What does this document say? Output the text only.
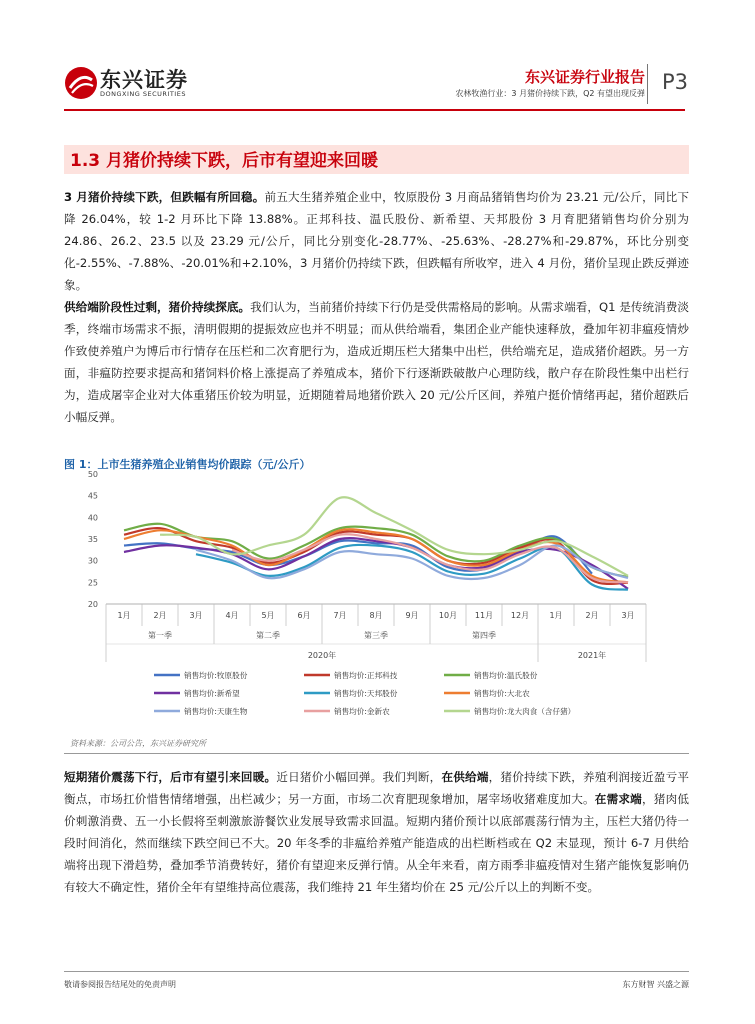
东兴证券
DONGXING SECURITIES
东兴证券行业报告
农林牧渔行业：3 月猪价持续下跌，Q2 有望出现反弹 P3
1.3 月猪价持续下跌，后市有望迎来回暖

3 月猪价持续下跌，但跌幅有所回稳。前五大生猪养殖企业中，牧原股份 3 月商品猪销售均价为 23.21 元/公斤，同比下降 26.04%，较 1-2 月环比下降 13.88%。正邦科技、温氏股份、新希望、天邦股份 3 月育肥猪销售均价分别为 24.86、26.2、23.5 以及 23.29 元/公斤，同比分别变化-28.77%、-25.63%、-28.27%和-29.87%，环比分别变化-2.55%、-7.88%、-20.01%和+2.10%，3 月猪价仍持续下跌，但跌幅有所收窄，进入 4 月份，猪价呈现止跌反弹迹象。

供给端阶段性过剩，猪价持续探底。我们认为，当前猪价持续下行仍是受供需格局的影响。从需求端看，Q1 是传统消费淡季，终端市场需求不振，清明假期的提振效应也并不明显；而从供给端看，集团企业产能快速释放，叠加年初非瘟疫情炒作致使养殖户为博后市行情存在压栏和二次育肥行为，造成近期压栏大猪集中出栏，供给端充足，造成猪价超跌。另一方面，非瘟防控要求提高和猪饲料价格上涨提高了养殖成本，猪价下行逐渐跌破散户心理防线，散户存在阶段性集中出栏行为，造成屠宰企业对大体重猪压价较为明显，近期随着局地猪价跌入 20 元/公斤区间，养殖户挺价情绪再起，猪价超跌后小幅反弹。

图 1：上市生猪养殖企业销售均价跟踪（元/公斤）
20
25
30
35
40
45
50
1月	2月	3月	4月	5月	6月	7月	8月	9月	10月 11月 12月	1月	2月	3月
第一季	第二季	第三季	第四季
2020年	2021年
销售均价:牧原股份	销售均价:正邦科技	销售均价:温氏股份
销售均价:新希望	销售均价:天邦股份	销售均价:大北农
销售均价:天康生物	销售均价:金新农	销售均价:龙大肉食（含仔猪）
资料来源：公司公告，东兴证券研究所

短期猪价震荡下行，后市有望引来回暖。近日猪价小幅回弹。我们判断，在供给端，猪价持续下跌，养殖利润接近盈亏平衡点，市场扛价惜售情绪增强，出栏减少；另一方面，市场二次育肥现象增加，屠宰场收猪难度加大。在需求端，猪肉低价刺激消费、五一小长假将至刺激旅游餐饮业发展导致需求回温。短期内猪价预计以底部震荡行情为主，压栏大猪仍待一段时间消化，然而继续下跌空间已不大。20 年冬季的非瘟给养殖产能造成的出栏断档或在 Q2 末显现，预计 6-7 月供给端将出现下滑趋势，叠加季节消费转好，猪价有望迎来反弹行情。从全年来看，南方雨季非瘟疫情对生猪产能恢复影响仍有较大不确定性，猪价全年有望维持高位震荡，我们维持 21 年生猪均价在 25 元/公斤以上的判断不变。

敬请参阅报告结尾处的免责声明	东方财智 兴盛之源
